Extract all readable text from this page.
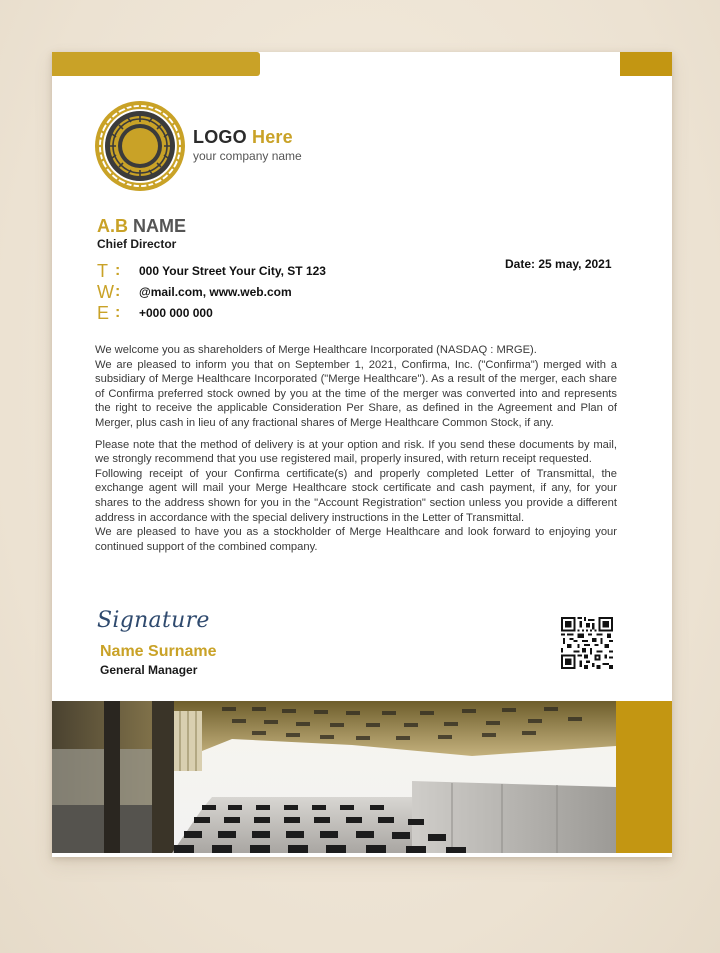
LOGO Here
your company name
A.B NAME
Chief Director
T :	000 Your Street Your City, ST 123
W :	@mail.com, www.web.com
E :	+000 000 000
Date: 25 may, 2021

We welcome you as shareholders of Merge Healthcare Incorporated (NASDAQ : MRGE).

We are pleased to inform you that on September 1, 2021, Confirma, Inc. ("Confirma") merged with a subsidiary of Merge Healthcare Incorporated ("Merge Healthcare"). As a result of the merger, each share of Confirma preferred stock owned by you at the time of the merger was converted into and represents the right to receive the applicable Consideration Per Share, as defined in the Agreement and Plan of Merger, plus cash in lieu of any fractional shares of Merge Healthcare Common Stock, if any.

Please note that the method of delivery is at your option and risk. If you send these documents by mail, we strongly recommend that you use registered mail, properly insured, with return receipt requested.

Following receipt of your Confirma certificate(s) and properly completed Letter of Transmittal, the exchange agent will mail your Merge Healthcare stock certificate and cash payment, if any, for your shares to the address shown for you in the "Account Registration" section unless you provide a different address in accordance with the special delivery instructions in the Letter of Transmittal.

We are pleased to have you as a stockholder of Merge Healthcare and look forward to enjoying your continued support of the combined company.

Signature
Name Surname
General Manager
